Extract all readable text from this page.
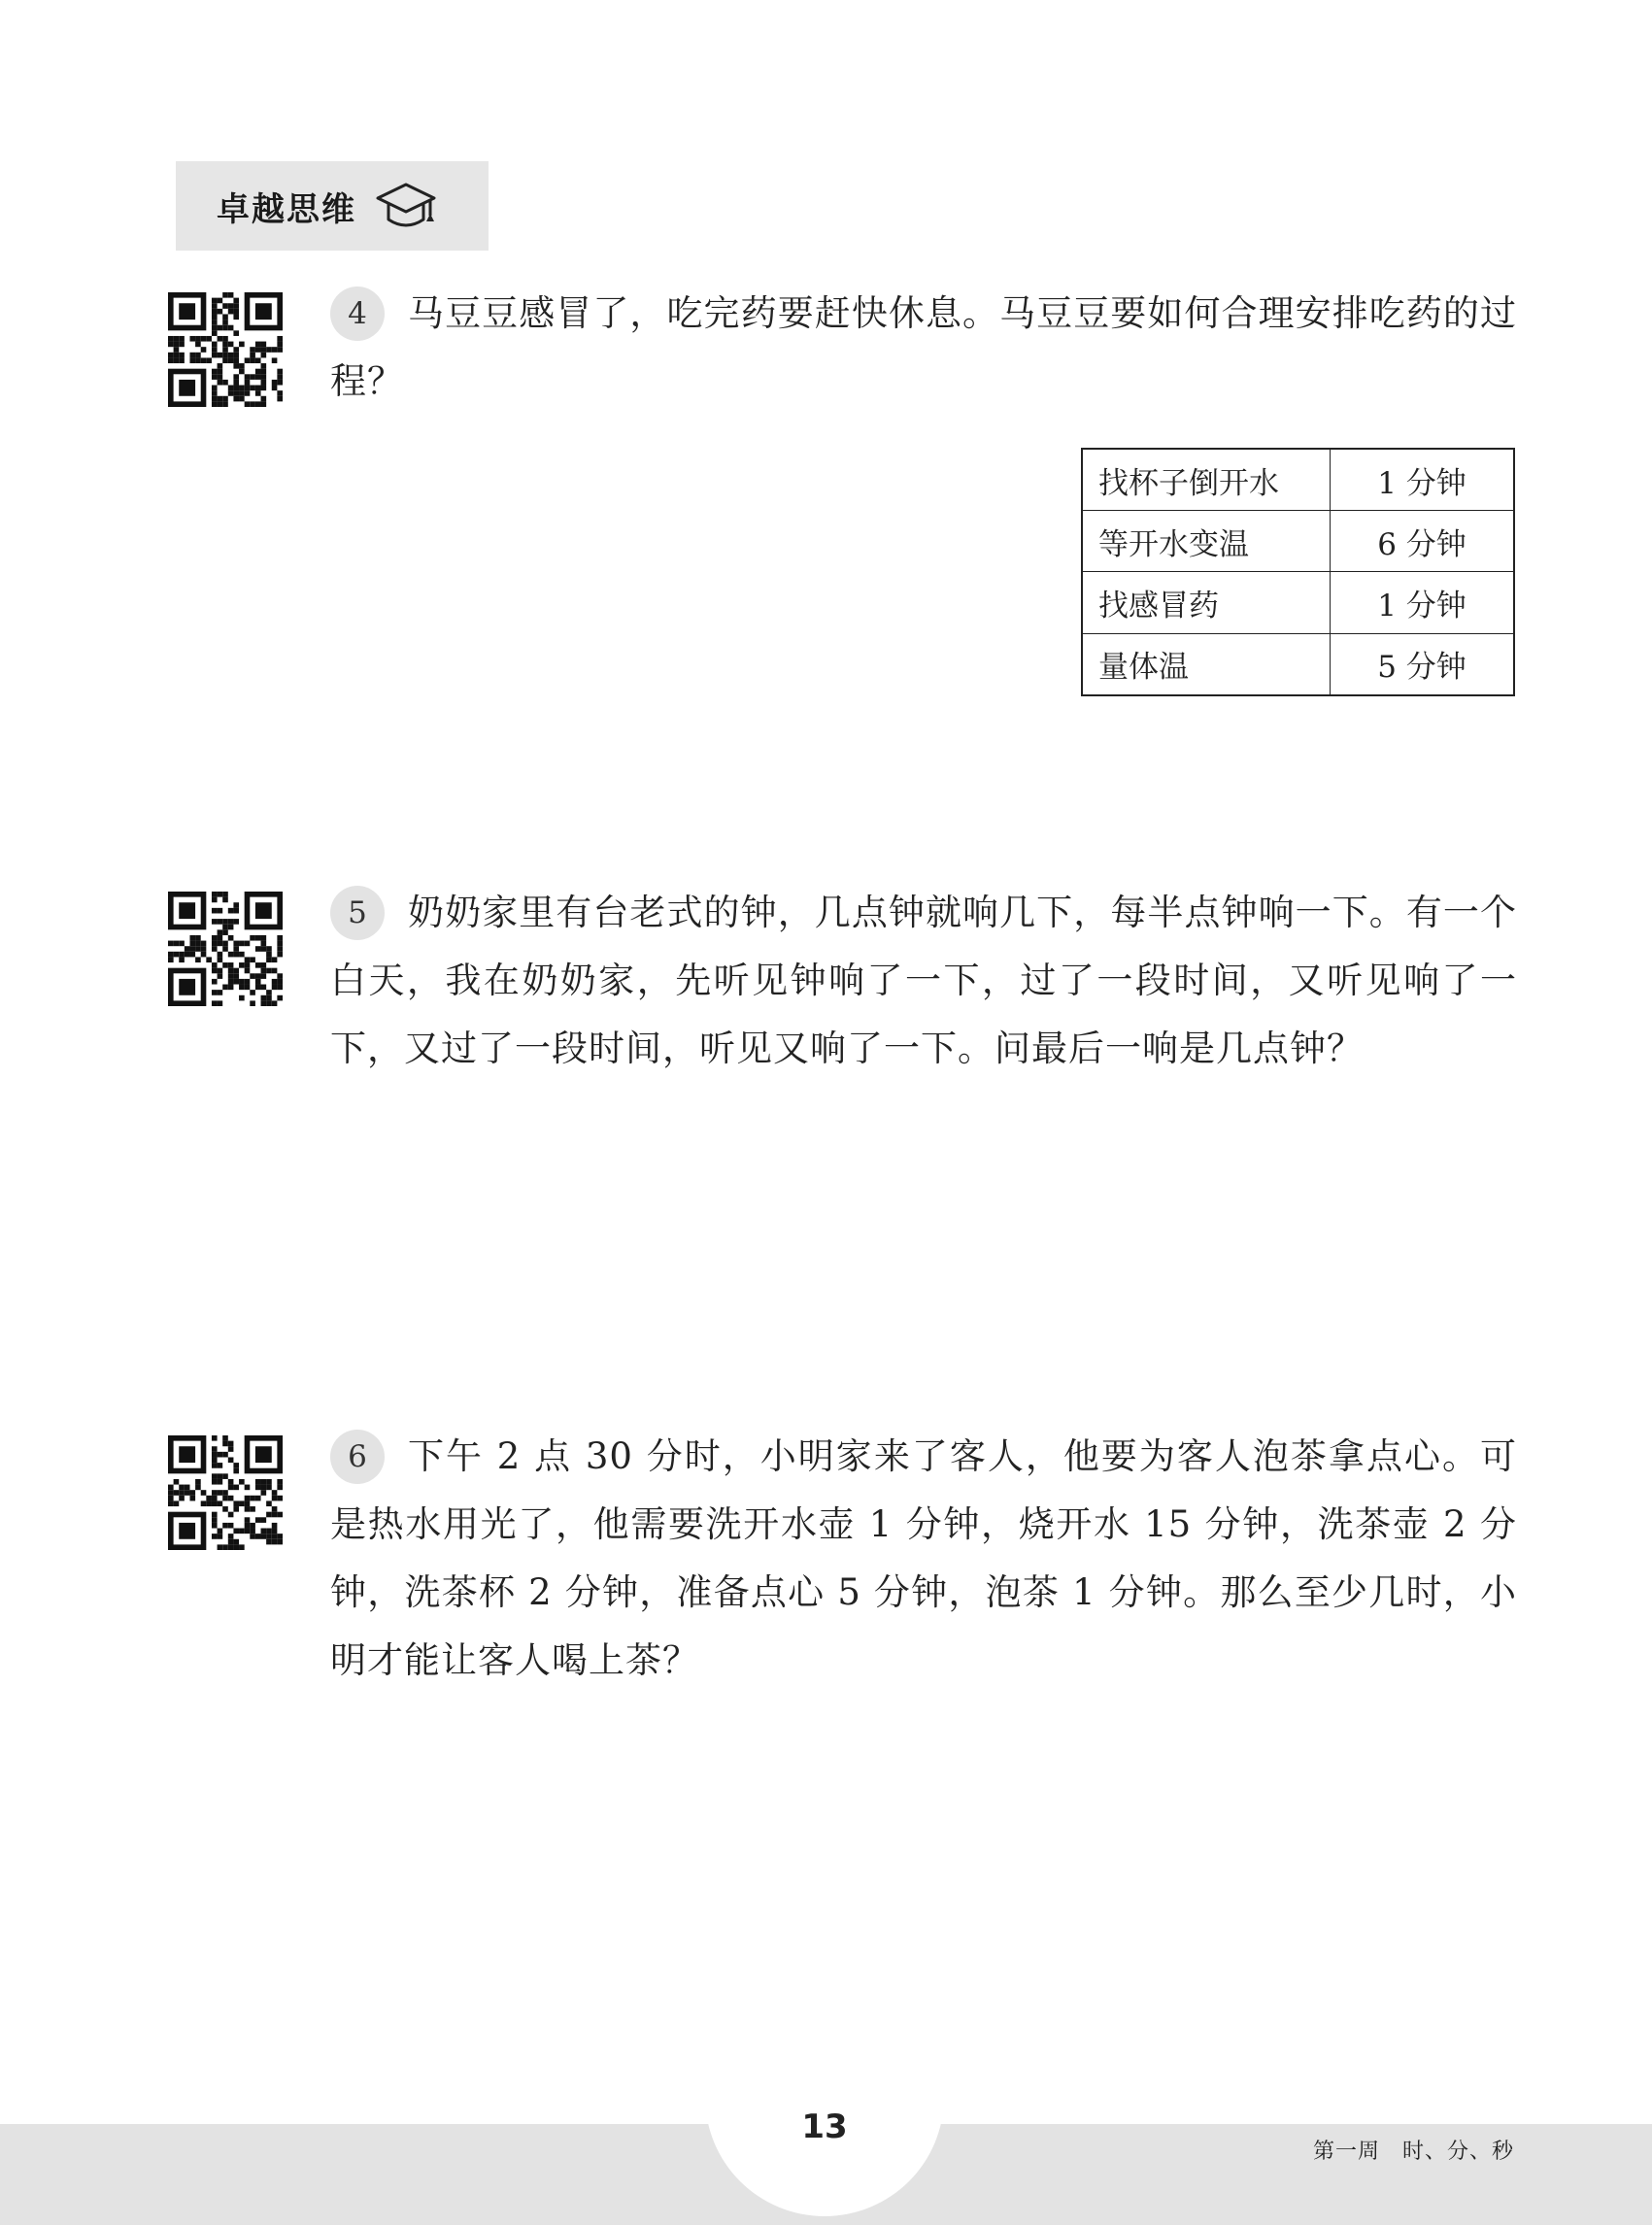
卓越思维
4	马豆豆感冒了，吃完药要赶快休息。马豆豆要如何合理安排吃药的过程？

找杯子倒开水	1 分钟
等开水变温	6 分钟
找感冒药	1 分钟
量体温	5 分钟
5	奶奶家里有台老式的钟，几点钟就响几下，每半点钟响一下。有一个白天，我在奶奶家，先听见钟响了一下，过了一段时间，又听见响了一下，又过了一段时间，听见又响了一下。问最后一响是几点钟？

6	下午 2 点 30 分时，小明家来了客人，他要为客人泡茶拿点心。可是热水用光了，他需要洗开水壶 1 分钟，烧开水 15 分钟，洗茶壶 2 分钟，洗茶杯 2 分钟，准备点心 5 分钟，泡茶 1 分钟。那么至少几时，小明才能让客人喝上茶？

13
第一周　时、分、秒
